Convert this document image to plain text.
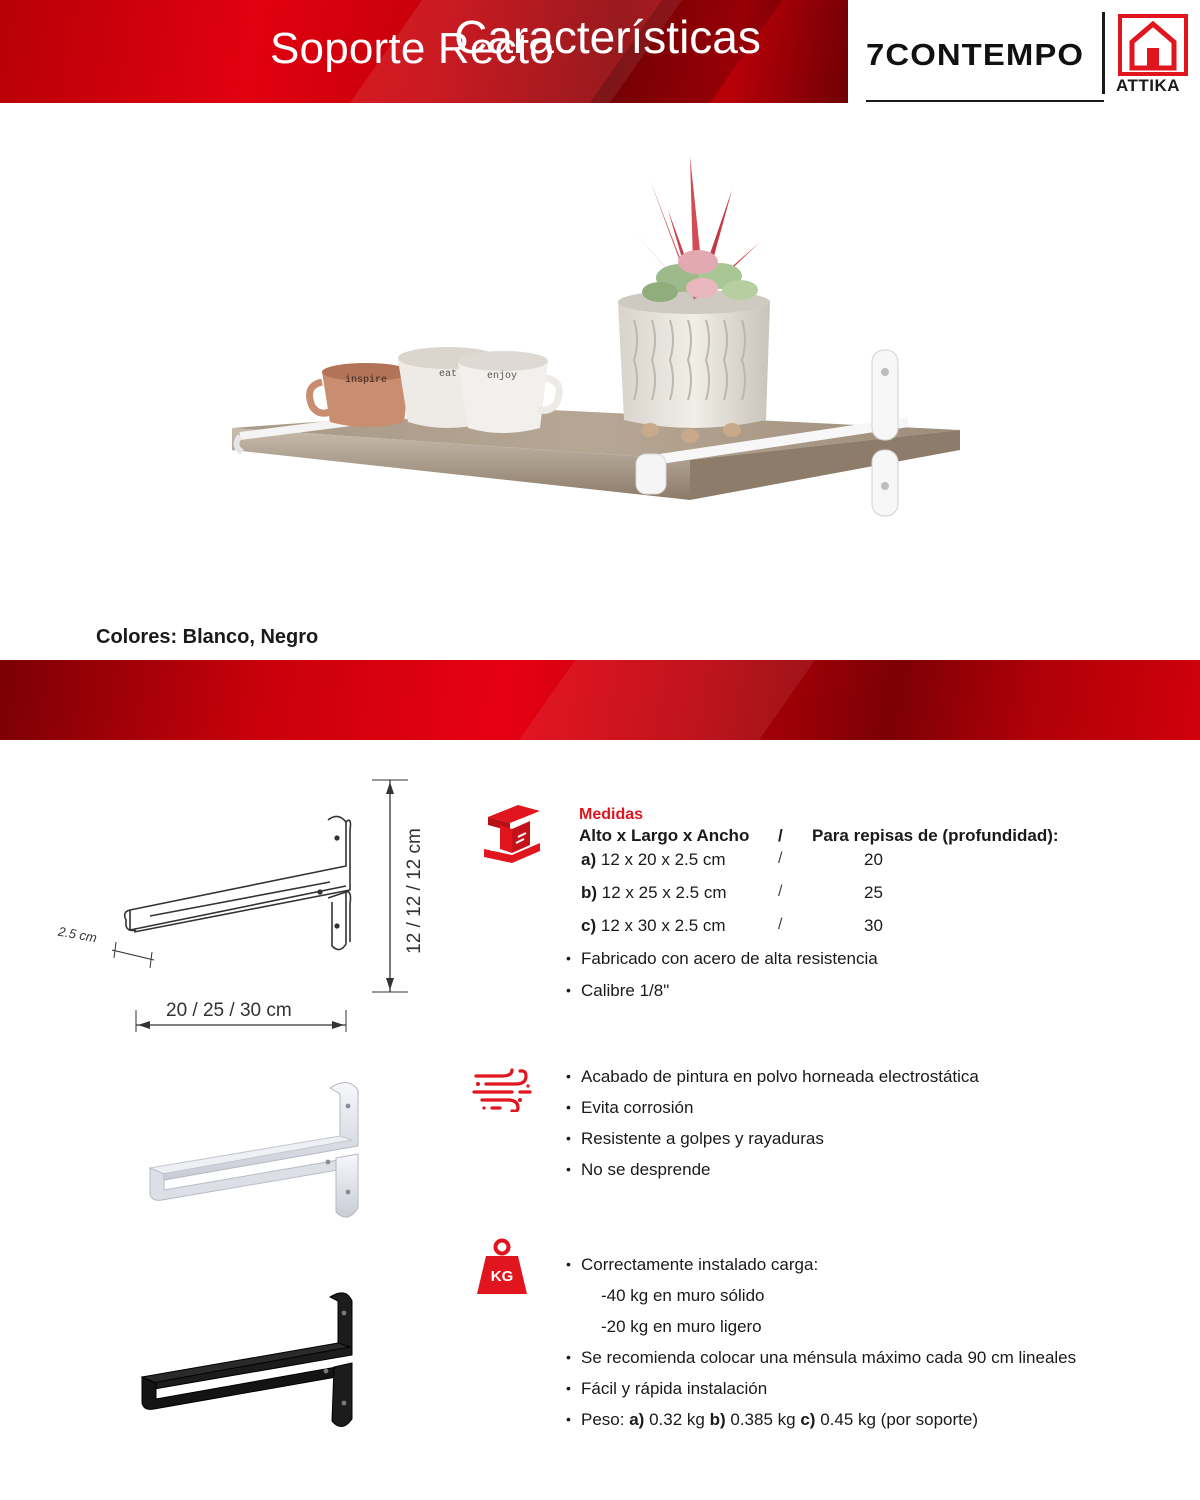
Soporte Recto	7CONTEMPO
ATTIKA
inspire
eat	enjoy
Colores: Blanco, Negro
Características
12 / 12 / 12 cm
20 / 25 / 30 cm
2.5 cm
Medidas
Alto x Largo x Ancho / Para repisas de (profundidad):
a) 12 x 20 x 2.5 cm	/	20
b) 12 x 25 x 2.5 cm	/	25
c) 12 x 30 x 2.5 cm	/	30
• Fabricado con acero de alta resistencia
• Calibre 1/8"
• Acabado de pintura en polvo horneada electrostática
• Evita corrosión
• Resistente a golpes y rayaduras
• No se desprende
KG
• Correctamente instalado carga:
-40 kg en muro sólido
-20 kg en muro ligero
• Se recomienda colocar una ménsula máximo cada 90 cm lineales
• Fácil y rápida instalación
• Peso: a) 0.32 kg b) 0.385 kg c) 0.45 kg (por soporte)
